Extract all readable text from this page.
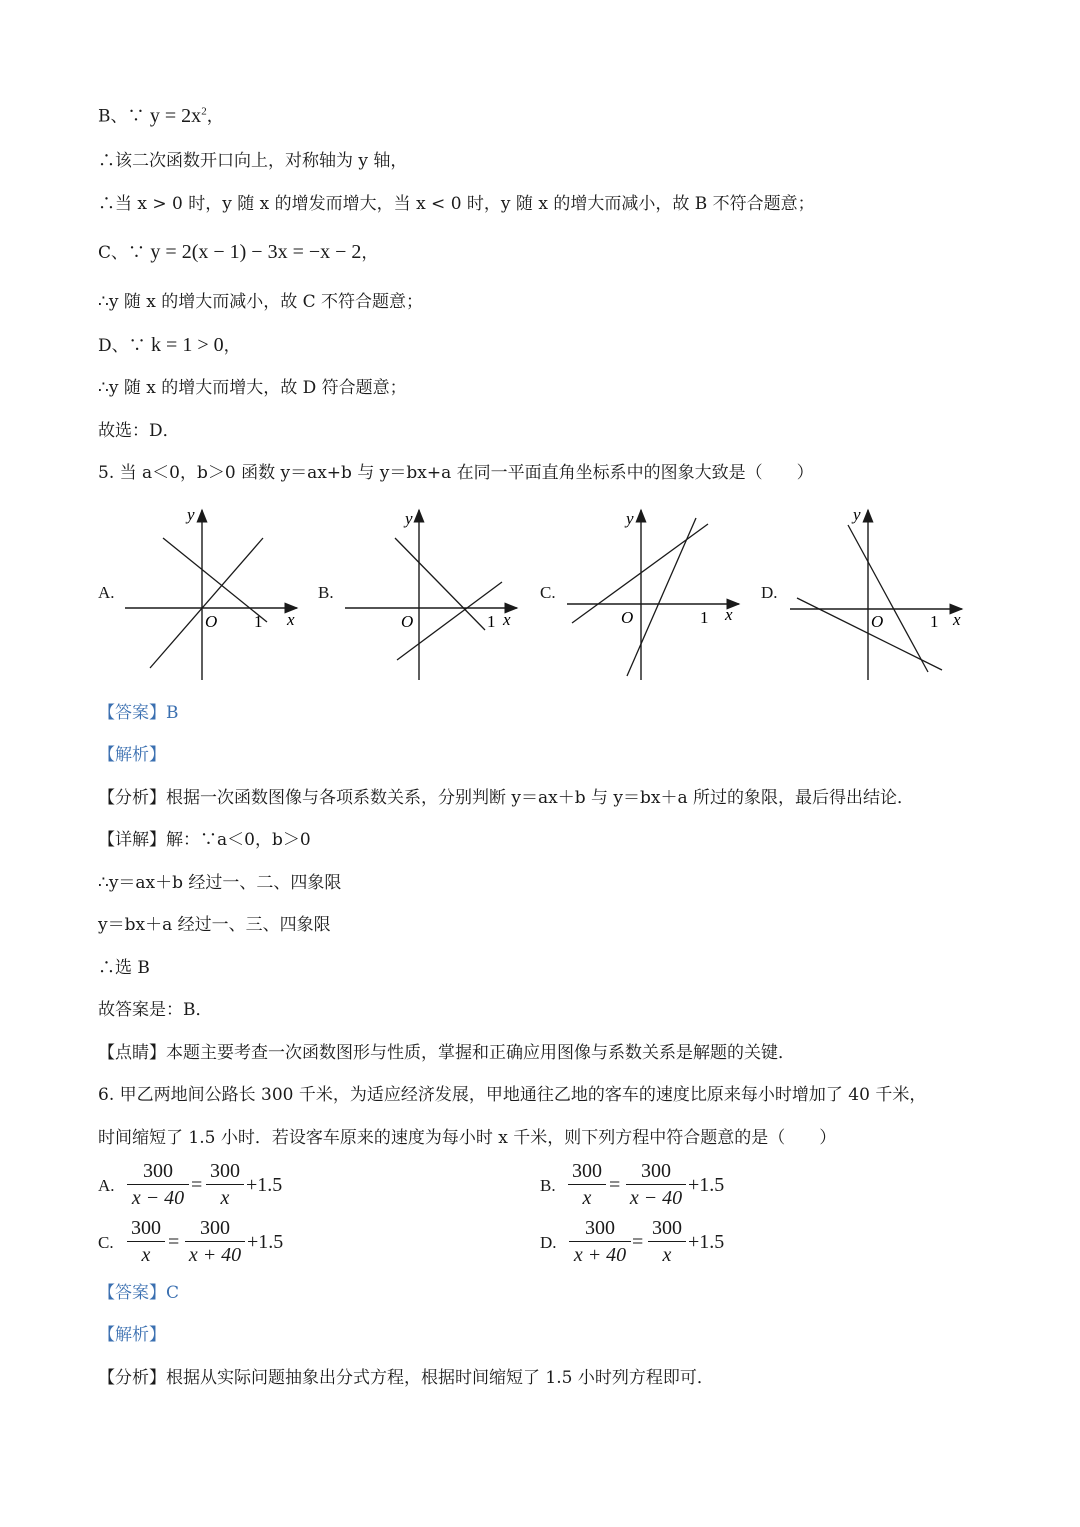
B、∵ $y = 2x^2$，
∴该二次函数开口向上，对称轴为 y 轴，
∴当 x > 0 时，y 随 x 的增发而增大，当 x < 0 时，y 随 x 的增大而减小，故 B 不符合题意；
C、∵ y = 2(x − 1) − 3x = −x − 2，
∴y 随 x 的增大而减小，故 C 不符合题意；
D、∵ k = 1 > 0，
∴y 随 x 的增大而增大，故 D 符合题意；
故选：D．
5. 当 a＜0，b＞0 函数 y＝ax+b 与 y＝bx+a 在同一平面直角坐标系中的图象大致是（　　）
A.	B.	C.	D.
y
O 1 x
y
O	1 x
y
O	1 x
y
O	1 x
【答案】B
【解析】
【分析】根据一次函数图像与各项系数关系，分别判断 y＝ax＋b 与 y＝bx＋a 所过的象限，最后得出结论．
【详解】解：∵a＜0，b＞0
∴y＝ax＋b 经过一、二、四象限
y＝bx＋a 经过一、三、四象限
∴选 B
故答案是：B．
【点睛】本题主要考查一次函数图形与性质，掌握和正确应用图像与系数关系是解题的关键．
6. 甲乙两地间公路长 300 千米，为适应经济发展，甲地通往乙地的客车的速度比原来每小时增加了 40 千米，
时间缩短了 1.5 小时．若设客车原来的速度为每小时 x 千米，则下列方程中符合题意的是（　　）
A.
300
x − 40
=
300
x
+1.5	B.
300
x
=
300
x − 40
+1.5
C.
300
x
=
300
x + 40
+1.5	D.
300
x + 40
=
300
x
+1.5
【答案】C
【解析】
【分析】根据从实际问题抽象出分式方程，根据时间缩短了 1.5 小时列方程即可．
